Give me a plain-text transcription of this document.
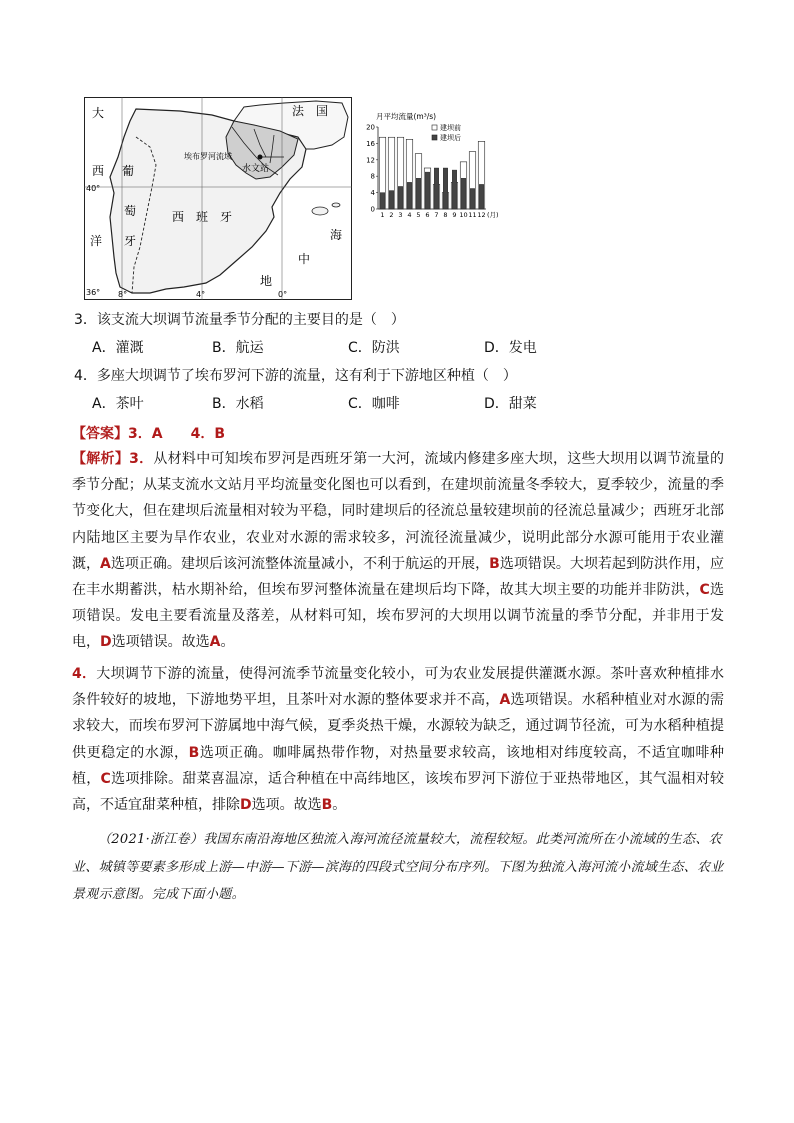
大
西
洋
葡
萄
牙
西　班　牙
法　国
埃布罗河流域
水文站
海
中
地
40°
36° 8°	4°	0°
月平均流量(m³/s)
0
4
8
12
16
20
1 2 3 4 5 6 7 8 9 10 11 12 (月)
建坝前
建坝后
3．该支流大坝调节流量季节分配的主要目的是（　）
A．灌溉	B．航运	C．防洪	D．发电
4．多座大坝调节了埃布罗河下游的流量，这有利于下游地区种植（　）
A．茶叶	B．水稻	C．咖啡	D．甜菜
【答案】3．A　　4．B

【解析】3．从材料中可知埃布罗河是西班牙第一大河，流域内修建多座大坝，这些大坝用以调节流量的季节分配；从某支流水文站月平均流量变化图也可以看到，在建坝前流量冬季较大，夏季较少，流量的季节变化大，但在建坝后流量相对较为平稳，同时建坝后的径流总量较建坝前的径流总量减少；西班牙北部内陆地区主要为旱作农业，农业对水源的需求较多，河流径流量减少，说明此部分水源可能用于农业灌溉，A选项正确。建坝后该河流整体流量减小，不利于航运的开展，B选项错误。大坝若起到防洪作用，应在丰水期蓄洪，枯水期补给，但埃布罗河整体流量在建坝后均下降，故其大坝主要的功能并非防洪，C选项错误。发电主要看流量及落差，从材料可知，埃布罗河的大坝用以调节流量的季节分配，并非用于发电，D选项错误。故选A。

4．大坝调节下游的流量，使得河流季节流量变化较小，可为农业发展提供灌溉水源。茶叶喜欢种植排水条件较好的坡地，下游地势平坦，且茶叶对水源的整体要求并不高，A选项错误。水稻种植业对水源的需求较大，而埃布罗河下游属地中海气候，夏季炎热干燥，水源较为缺乏，通过调节径流，可为水稻种植提供更稳定的水源，B选项正确。咖啡属热带作物，对热量要求较高，该地相对纬度较高，不适宜咖啡种植，C选项排除。甜菜喜温凉，适合种植在中高纬地区，该埃布罗河下游位于亚热带地区，其气温相对较高，不适宜甜菜种植，排除D选项。故选B。

（2021·浙江卷）我国东南沿海地区独流入海河流径流量较大，流程较短。此类河流所在小流域的生态、农业、城镇等要素多形成上游—中游—下游—滨海的四段式空间分布序列。下图为独流入海河流小流域生态、农业景观示意图。完成下面小题。
